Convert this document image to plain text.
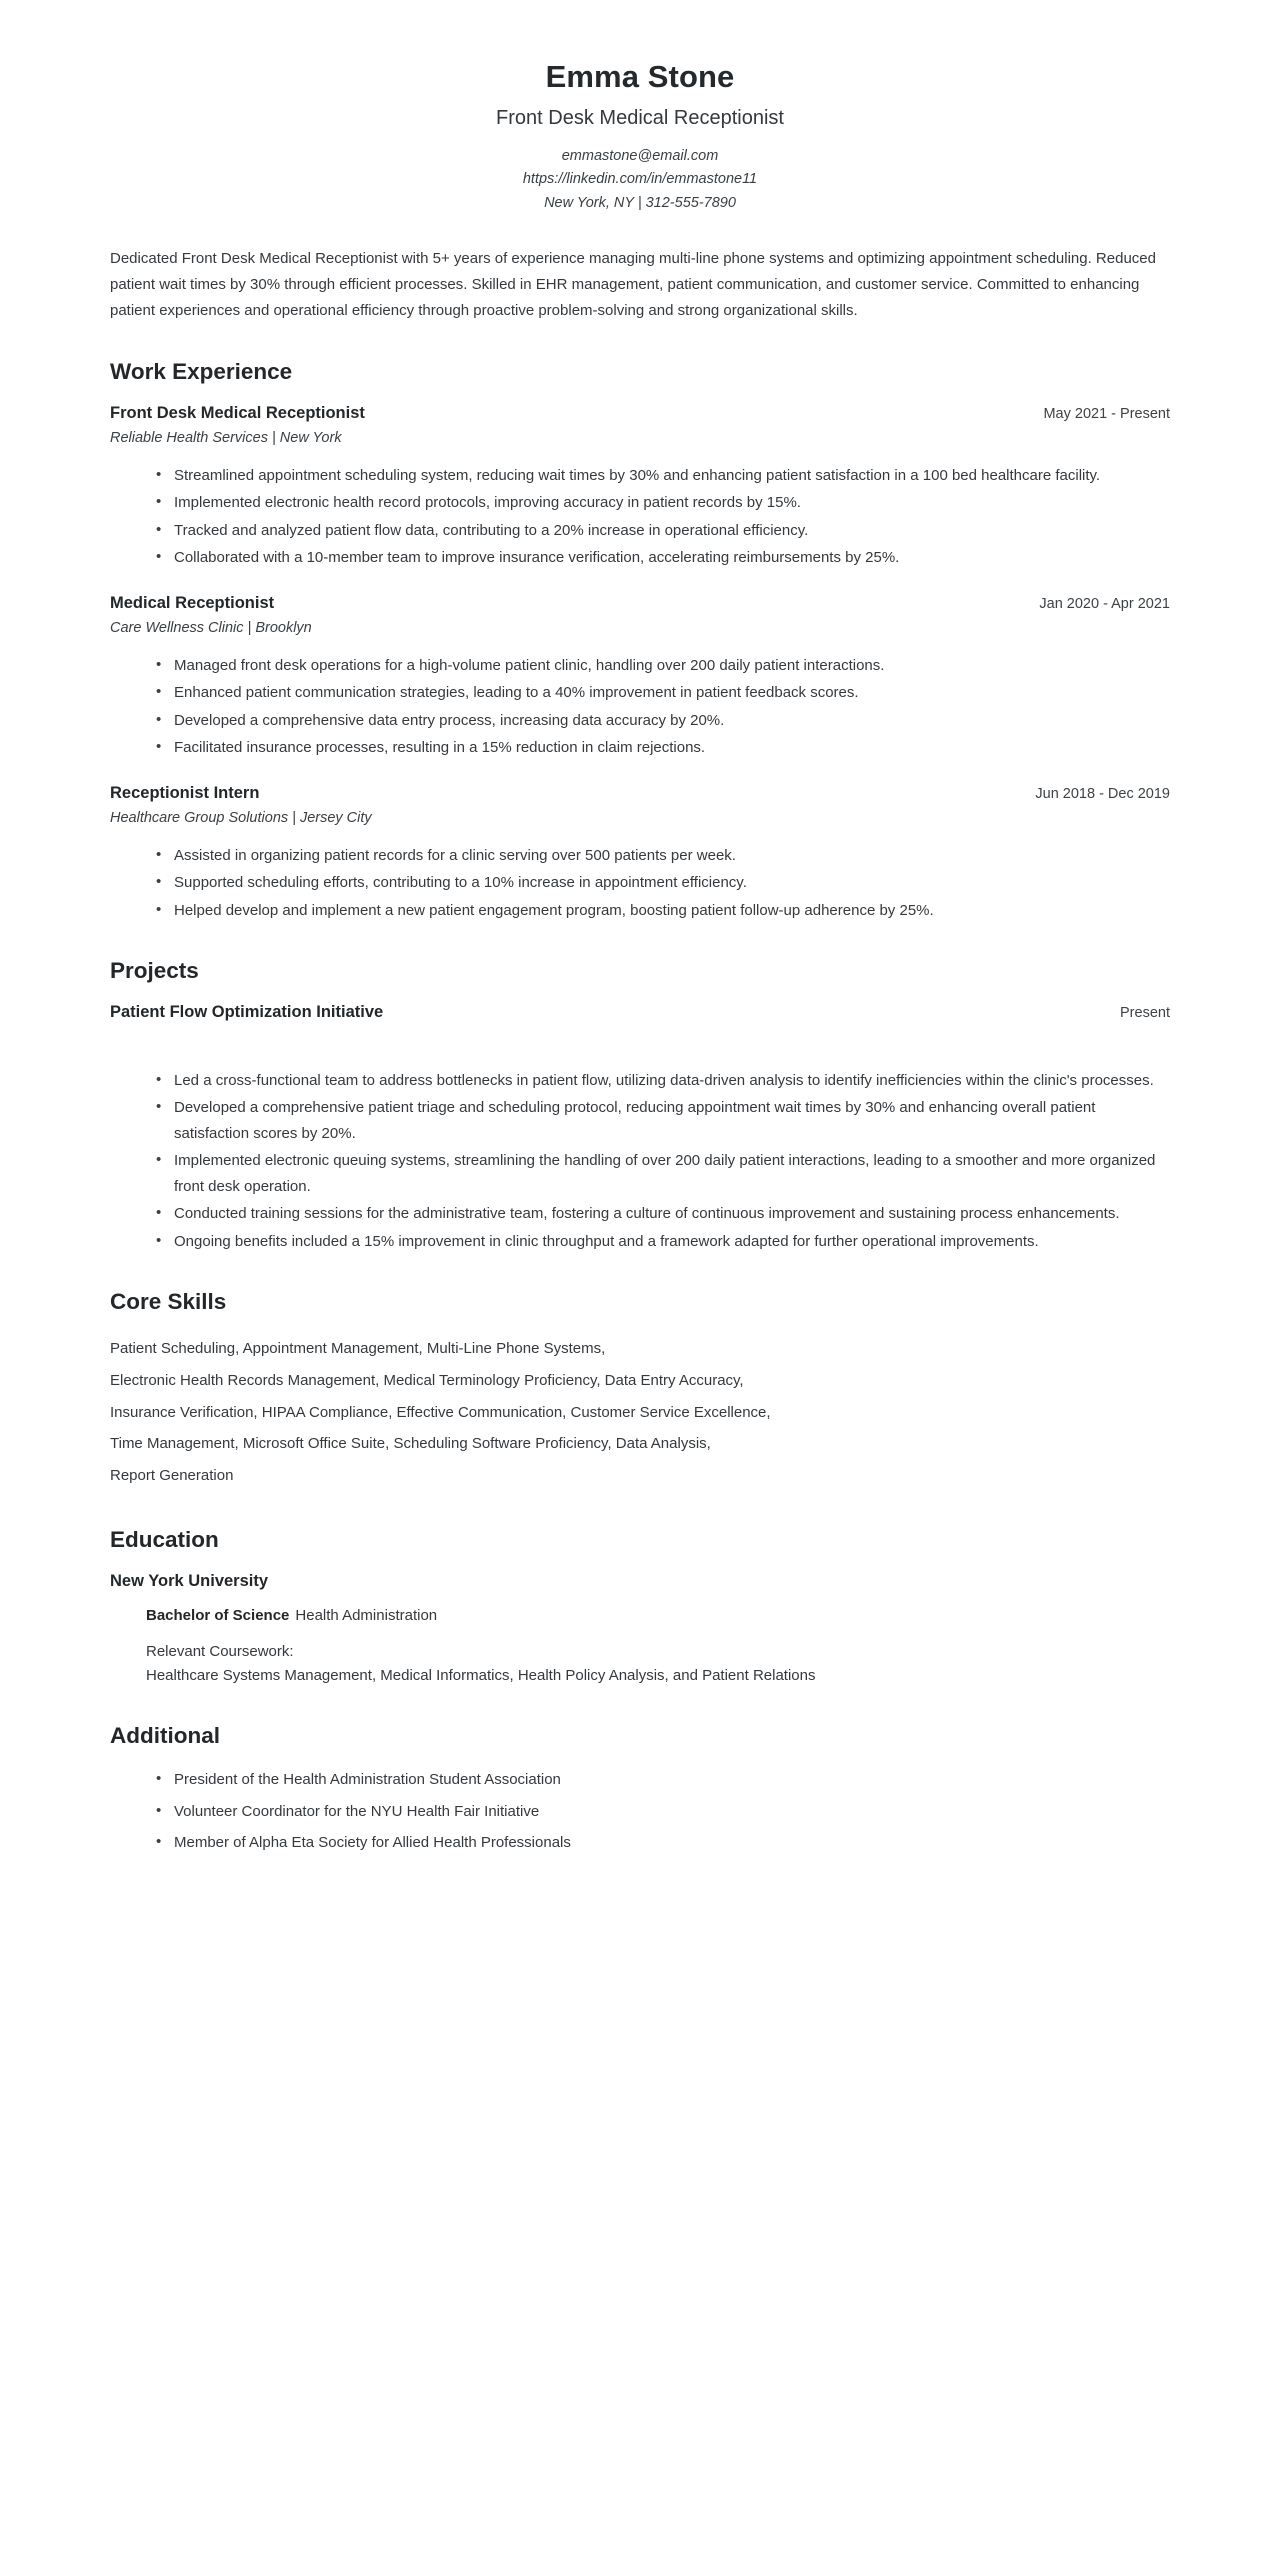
Emma Stone
Front Desk Medical Receptionist
emmastone@email.com
https://linkedin.com/in/emmastone11
New York, NY | 312-555-7890
Dedicated Front Desk Medical Receptionist with 5+ years of experience managing multi-line phone systems and optimizing appointment scheduling. Reduced patient wait times by 30% through efficient processes. Skilled in EHR management, patient communication, and customer service. Committed to enhancing patient experiences and operational efficiency through proactive problem-solving and strong organizational skills.
Work Experience
Front Desk Medical Receptionist	May 2021 - Present
Reliable Health Services | New York
• Streamlined appointment scheduling system, reducing wait times by 30% and enhancing patient satisfaction in a 100 bed healthcare facility.
• Implemented electronic health record protocols, improving accuracy in patient records by 15%.
• Tracked and analyzed patient flow data, contributing to a 20% increase in operational efficiency.
• Collaborated with a 10-member team to improve insurance verification, accelerating reimbursements by 25%.
Medical Receptionist	Jan 2020 - Apr 2021
Care Wellness Clinic | Brooklyn
• Managed front desk operations for a high-volume patient clinic, handling over 200 daily patient interactions.
• Enhanced patient communication strategies, leading to a 40% improvement in patient feedback scores.
• Developed a comprehensive data entry process, increasing data accuracy by 20%.
• Facilitated insurance processes, resulting in a 15% reduction in claim rejections.
Receptionist Intern	Jun 2018 - Dec 2019
Healthcare Group Solutions | Jersey City
• Assisted in organizing patient records for a clinic serving over 500 patients per week.
• Supported scheduling efforts, contributing to a 10% increase in appointment efficiency.
• Helped develop and implement a new patient engagement program, boosting patient follow-up adherence by 25%.
Projects
Patient Flow Optimization Initiative	Present
• Led a cross-functional team to address bottlenecks in patient flow, utilizing data-driven analysis to identify inefficiencies within the clinic's processes.
• Developed a comprehensive patient triage and scheduling protocol, reducing appointment wait times by 30% and enhancing overall patient satisfaction scores by 20%.
• Implemented electronic queuing systems, streamlining the handling of over 200 daily patient interactions, leading to a smoother and more organized front desk operation.
• Conducted training sessions for the administrative team, fostering a culture of continuous improvement and sustaining process enhancements.
• Ongoing benefits included a 15% improvement in clinic throughput and a framework adapted for further operational improvements.
Core Skills
Patient Scheduling, Appointment Management, Multi-Line Phone Systems,
Electronic Health Records Management, Medical Terminology Proficiency, Data Entry Accuracy,
Insurance Verification, HIPAA Compliance, Effective Communication, Customer Service Excellence,
Time Management, Microsoft Office Suite, Scheduling Software Proficiency, Data Analysis,
Report Generation
Education
New York University
Bachelor of Science Health Administration
Relevant Coursework:
Healthcare Systems Management, Medical Informatics, Health Policy Analysis, and Patient Relations
Additional
• President of the Health Administration Student Association
• Volunteer Coordinator for the NYU Health Fair Initiative
• Member of Alpha Eta Society for Allied Health Professionals
